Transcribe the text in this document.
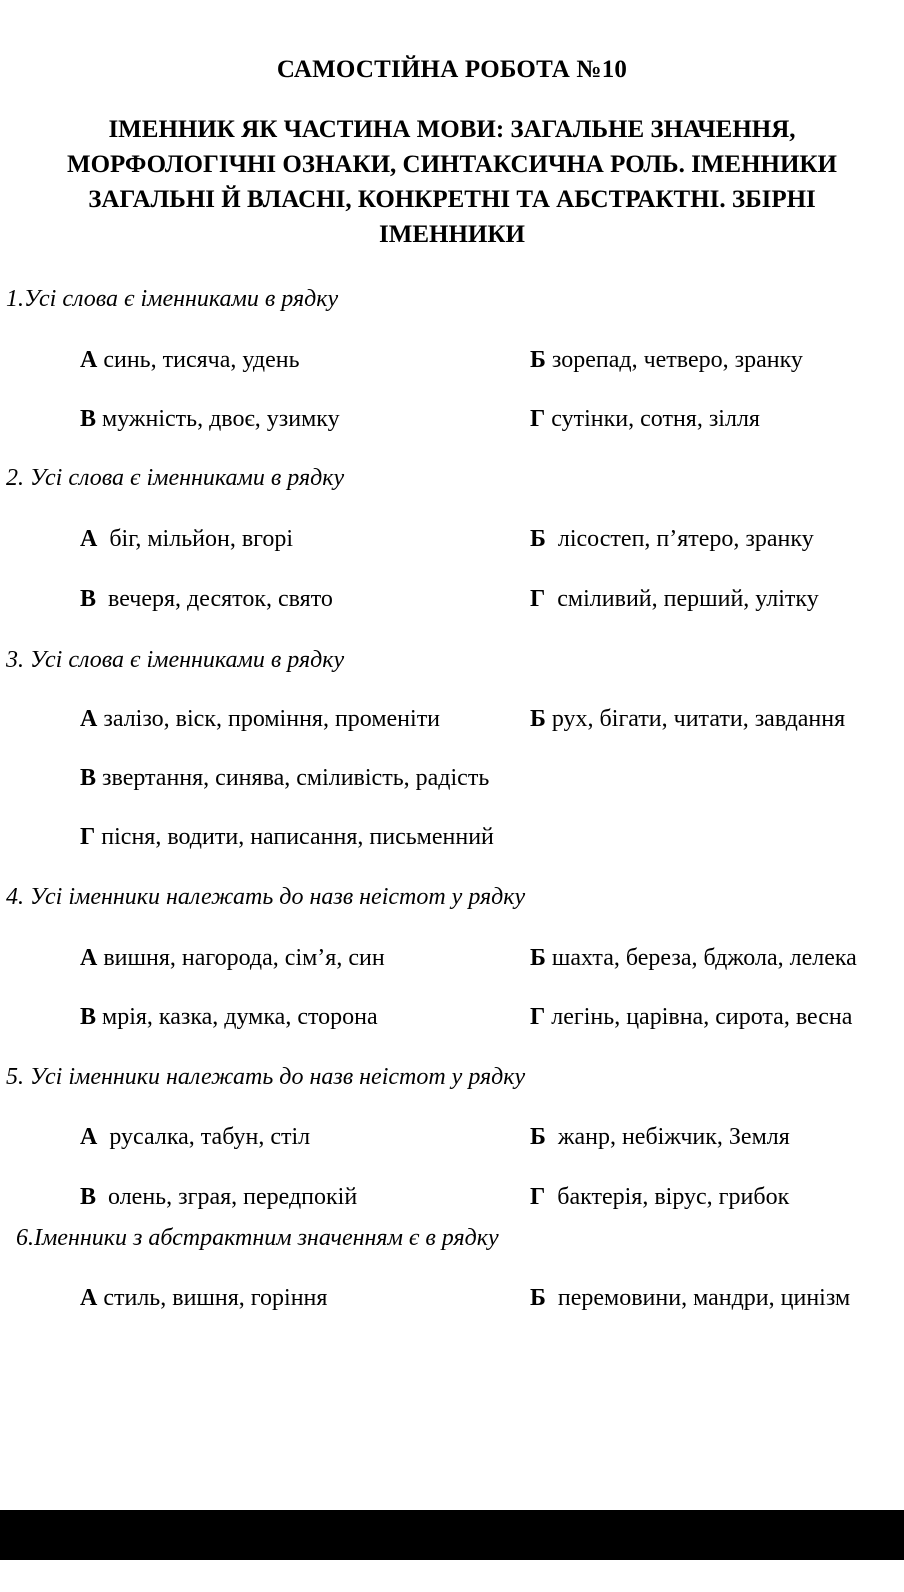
САМОСТІЙНА РОБОТА №10
ІМЕННИК ЯК ЧАСТИНА МОВИ: ЗАГАЛЬНЕ ЗНАЧЕННЯ, МОРФОЛОГІЧНІ ОЗНАКИ, СИНТАКСИЧНА РОЛЬ. ІМЕННИКИ ЗАГАЛЬНІ Й ВЛАСНІ, КОНКРЕТНІ ТА АБСТРАКТНІ. ЗБІРНІ ІМЕННИКИ
1.Усі слова є іменниками в рядку
А синь, тисяча, удень	Б зорепад, четверо, зранку
В мужність, двоє, узимку	Г сутінки, сотня, зілля
2. Усі слова є іменниками в рядку
А біг, мільйон, вгорі	Б лісостеп, п’ятеро, зранку
В вечеря, десяток, свято	Г сміливий, перший, улітку
3. Усі слова є іменниками в рядку
А залізо, віск, проміння, променіти	Б рух, бігати, читати, завдання
В звертання, синява, сміливість, радість
Г пісня, водити, написання, письменний
4. Усі іменники належать до назв неістот у рядку
А вишня, нагорода, сім’я, син	Б шахта, береза, бджола, лелека
В мрія, казка, думка, сторона	Г легінь, царівна, сирота, весна
5. Усі іменники належать до назв неістот у рядку
А русалка, табун, стіл	Б жанр, небіжчик, Земля
В олень, зграя, передпокій	Г бактерія, вірус, грибок
6.Іменники з абстрактним значенням є в рядку
А стиль, вишня, горіння	Б перемовини, мандри, цинізм
